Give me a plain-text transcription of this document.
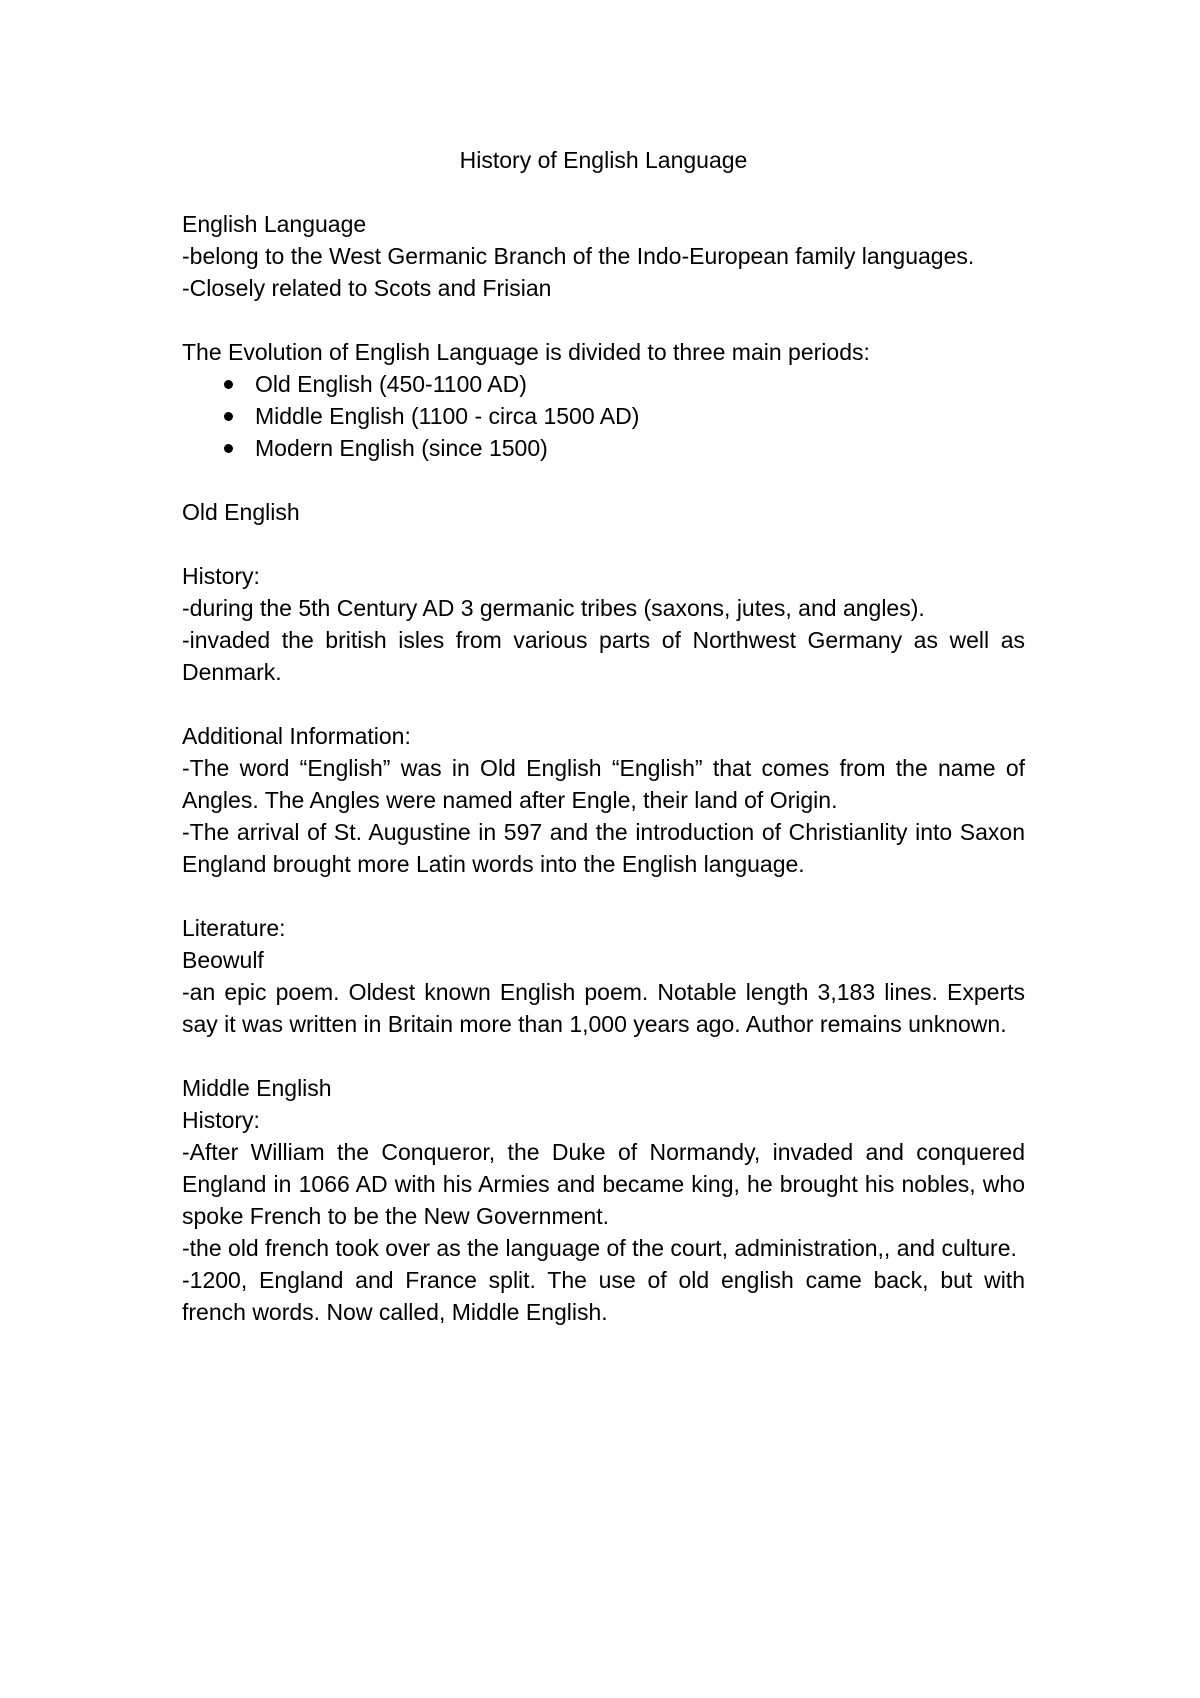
History of English Language

English Language

-belong to the West Germanic Branch of the Indo-European family languages.

-Closely related to Scots and Frisian

The Evolution of English Language is divided to three main periods:

Old English (450-1100 AD)
Middle English (1100 - circa 1500 AD)
Modern English (since 1500)

Old English

History:

-during the 5th Century AD 3 germanic tribes (saxons, jutes, and angles).

-invaded the british isles from various parts of Northwest Germany as well as Denmark.

Additional Information:

-The word “English” was in Old English “English” that comes from the name of Angles. The Angles were named after Engle, their land of Origin.

-The arrival of St. Augustine in 597 and the introduction of Christianlity into Saxon England brought more Latin words into the English language.

Literature:

Beowulf

-an epic poem. Oldest known English poem. Notable length 3,183 lines. Experts say it was written in Britain more than 1,000 years ago. Author remains unknown.

Middle English

History:

-After William the Conqueror, the Duke of Normandy, invaded and conquered England in 1066 AD with his Armies and became king, he brought his nobles, who spoke French to be the New Government.

-the old french took over as the language of the court, administration,, and culture.

-1200, England and France split. The use of old english came back, but with french words. Now called, Middle English.
